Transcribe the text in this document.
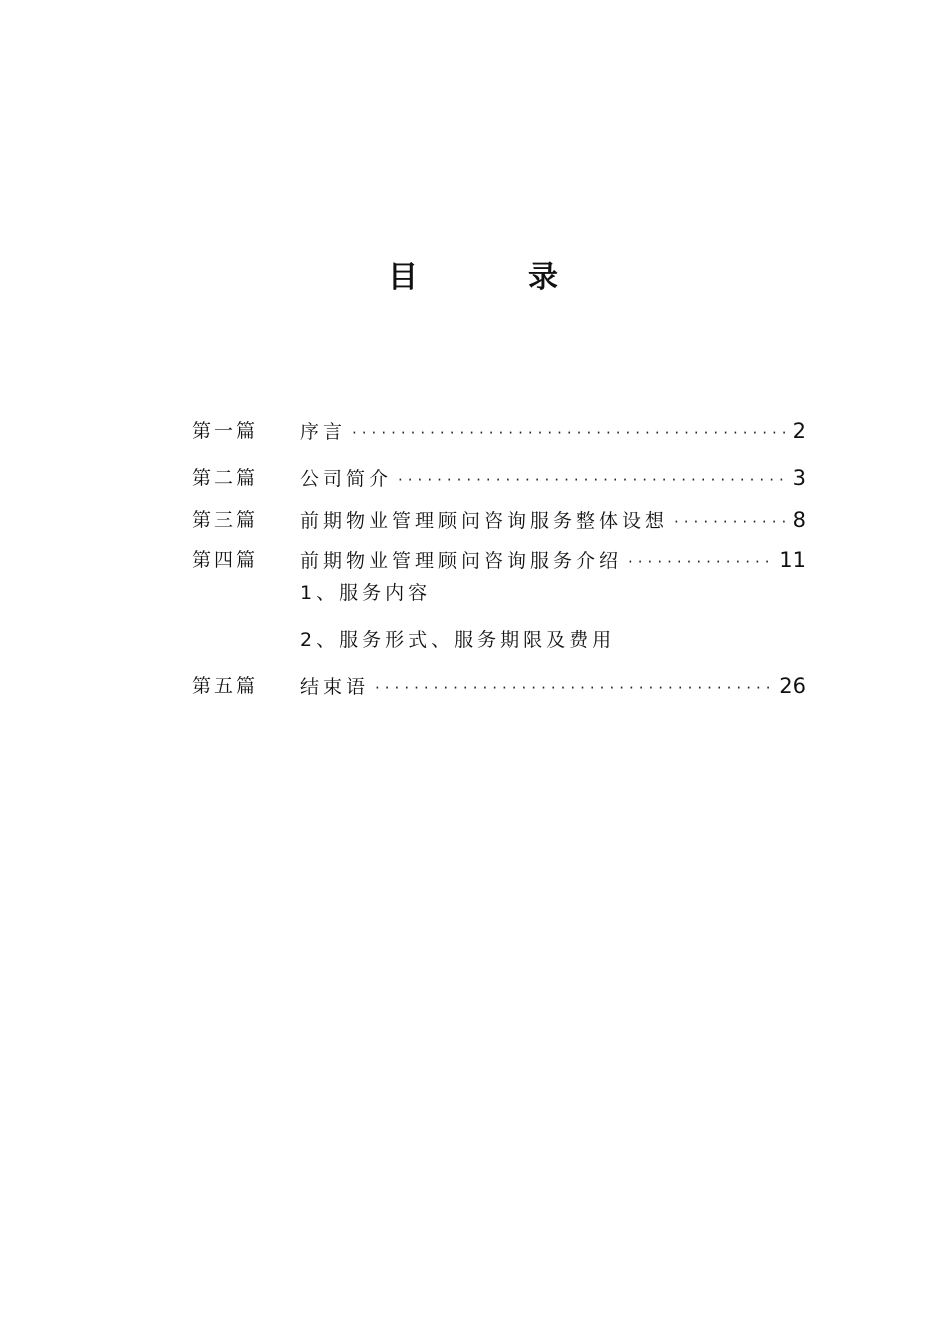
目	录
第一篇 序言 ·····	2
第二篇 公司简介 ·····	3
第三篇 前期物业管理顾问咨询服务整体设想 ·····	8
第四篇 前期物业管理顾问咨询服务介绍 ·····	11
1、服务内容
2、服务形式、服务期限及费用
第五篇 结束语 ·····	26
